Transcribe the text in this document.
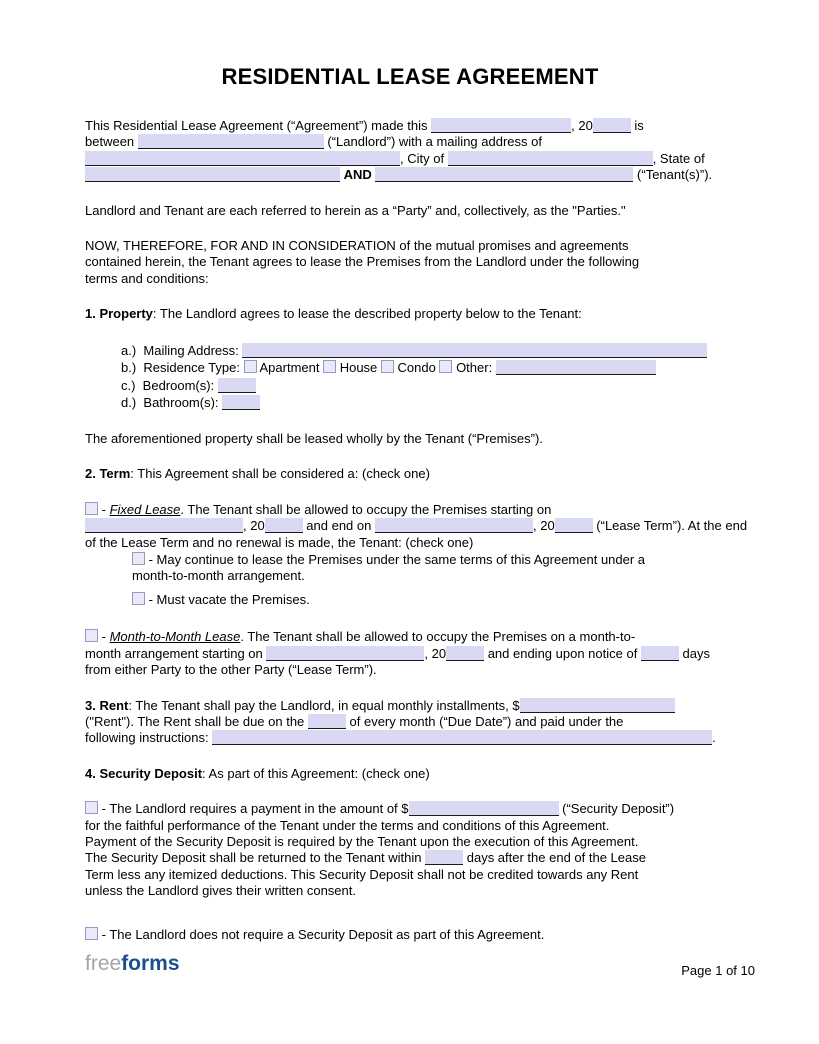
RESIDENTIAL LEASE AGREEMENT
This Residential Lease Agreement (“Agreement”) made this	, 20	is
between	(“Landlord”) with a mailing address of
, City of	, State of
AND	(“Tenant(s)”).
Landlord and Tenant are each referred to herein as a “Party” and, collectively, as the "Parties."
NOW, THEREFORE, FOR AND IN CONSIDERATION of the mutual promises and agreements
contained herein, the Tenant agrees to lease the Premises from the Landlord under the following
terms and conditions:
1. Property: The Landlord agrees to lease the described property below to the Tenant:
a.)  Mailing Address:
b.)  Residence Type:  Apartment  House  Condo  Other:
c.)  Bedroom(s):
d.)  Bathroom(s):
The aforementioned property shall be leased wholly by the Tenant (“Premises”).
2. Term: This Agreement shall be considered a: (check one)
- Fixed Lease. The Tenant shall be allowed to occupy the Premises starting on
, 20	and end on	, 20	(“Lease Term”). At the end
of the Lease Term and no renewal is made, the Tenant: (check one)
- May continue to lease the Premises under the same terms of this Agreement under a
month-to-month arrangement.
- Must vacate the Premises.
- Month-to-Month Lease. The Tenant shall be allowed to occupy the Premises on a month-to-
month arrangement starting on	, 20	and ending upon notice of	days
from either Party to the other Party (“Lease Term”).
3. Rent: The Tenant shall pay the Landlord, in equal monthly installments, $
("Rent"). The Rent shall be due on the	of every month (“Due Date”) and paid under the
following instructions:	.
4. Security Deposit: As part of this Agreement: (check one)
- The Landlord requires a payment in the amount of $	(“Security Deposit”)
for the faithful performance of the Tenant under the terms and conditions of this Agreement.
Payment of the Security Deposit is required by the Tenant upon the execution of this Agreement.
The Security Deposit shall be returned to the Tenant within	days after the end of the Lease
Term less any itemized deductions. This Security Deposit shall not be credited towards any Rent
unless the Landlord gives their written consent.
- The Landlord does not require a Security Deposit as part of this Agreement.
freeforms	Page 1 of 10
